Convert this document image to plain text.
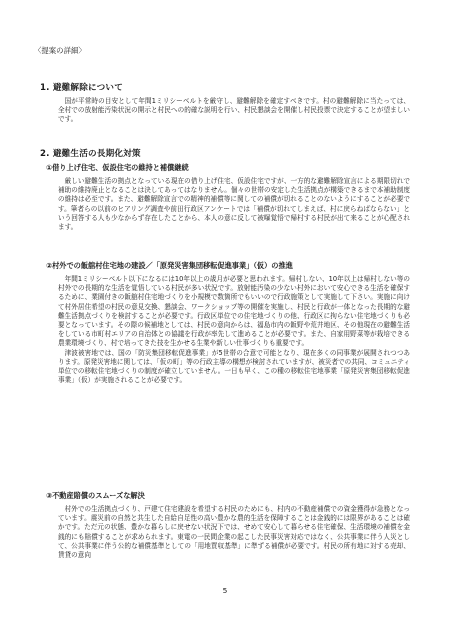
〈提案の詳細〉
1. 避難解除について

国が平常時の目安として年間1ミリシーベルトを厳守し、避難解除を確定すべきです。村の避難解除に当たっては、全村での放射能汚染状況の開示と村民への的確な説明を行い、村民懇談会を開催し村民投票で決定することが望ましいです。

2. 避難生活の長期化対策
①借り上げ住宅、仮設住宅の維持と補償継続

厳しい避難生活の拠点となっている現在の借り上げ住宅、仮設住宅ですが、一方的な避難解除宣言による期限切れで補助の維持廃止となることは決してあってはなりません。個々の世帯の安定した生活拠点が構築できるまで本補助制度の維持は必至です。また、避難解除宣言での精神的補償等に関しての補償が切れることのないようにすることが必要です。筆者らの以前のヒアリング調査や前田行政区アンケートでは「補償が切れてしまえば、村に戻らねばならない」という回答する人も少なからず存在したことから、本人の意に反して被曝覚悟で帰村する村民が出て来ることが心配されます。

②村外での飯舘村住宅地の建設／「原発災害集団移転促進事業」（仮）の推進

年間1ミリシーベルト以下になるには10年以上の歳月が必要と思われます。帰村しない、10年以上は帰村しない等の村外での長期的な生活を覚悟している村民が多い状況です。放射能汚染の少ない村外において安心できる生活を確保するために、業園付きの飯舘村住宅地づくりを小規模で数箇所でもいいので行政施策として実施して下さい。実施に向けて村外居住希望の村民の意見交換、懇談会、ワークショップ等の開催を実施し、村民と行政が一体となった長期的な避難生活拠点づくりを検討することが必要です。行政区単位での住宅地づくりの他、行政区に拘らない住宅地づくりも必要となっています。その際の候補地としては、村民の意向からは、福島市内の飯野や荒井地区、その他現在の避難生活をしている市町村エリアの自治体との協議を行政が率先して進めることが必要です。また、自家用野菜等が栽培できる農業環境づくり、村で培ってきた技を生かせる生業や新しい仕事づくりも重要です。

津波被害地では、国の「防災集団移転促進事業」が5世帯の合意で可能となり、現在多くの同事業が展開されつつあります。原発災害地に関しては、「仮の町」等の行政主導の構想が検討されていますが、被災者での共同、コミュニティ単位での移転住宅地づくりの制度が確立していません。一日も早く、この種の移転住宅地事業「原発災害集団移転促進事業」（仮）が実施されることが必要です。

③不動産賠償のスムーズな解決

村外での生活拠点づくり、戸建て住宅建設を希望する村民のためにも、村内の不動産補償での資金獲得が急務となっています。震災前の自然と共生した自給自足性の高い豊かな農的生活を保障することは金銭的には限界があることは確かです。ただ元の状態、豊かな暮らしに戻せない状況下では、せめて安心して暮らせる住宅確保、生活環境の補償を金銭的にも賠償することが求められます。東電の一民間企業の起こした民事災害対応ではなく、公共事業に伴う人災として、公共事業に伴う公的な補償基準としての「用地買収基準」に準ずる補償が必要です。村民の所有地に対する売却、賃貸の意向

5
